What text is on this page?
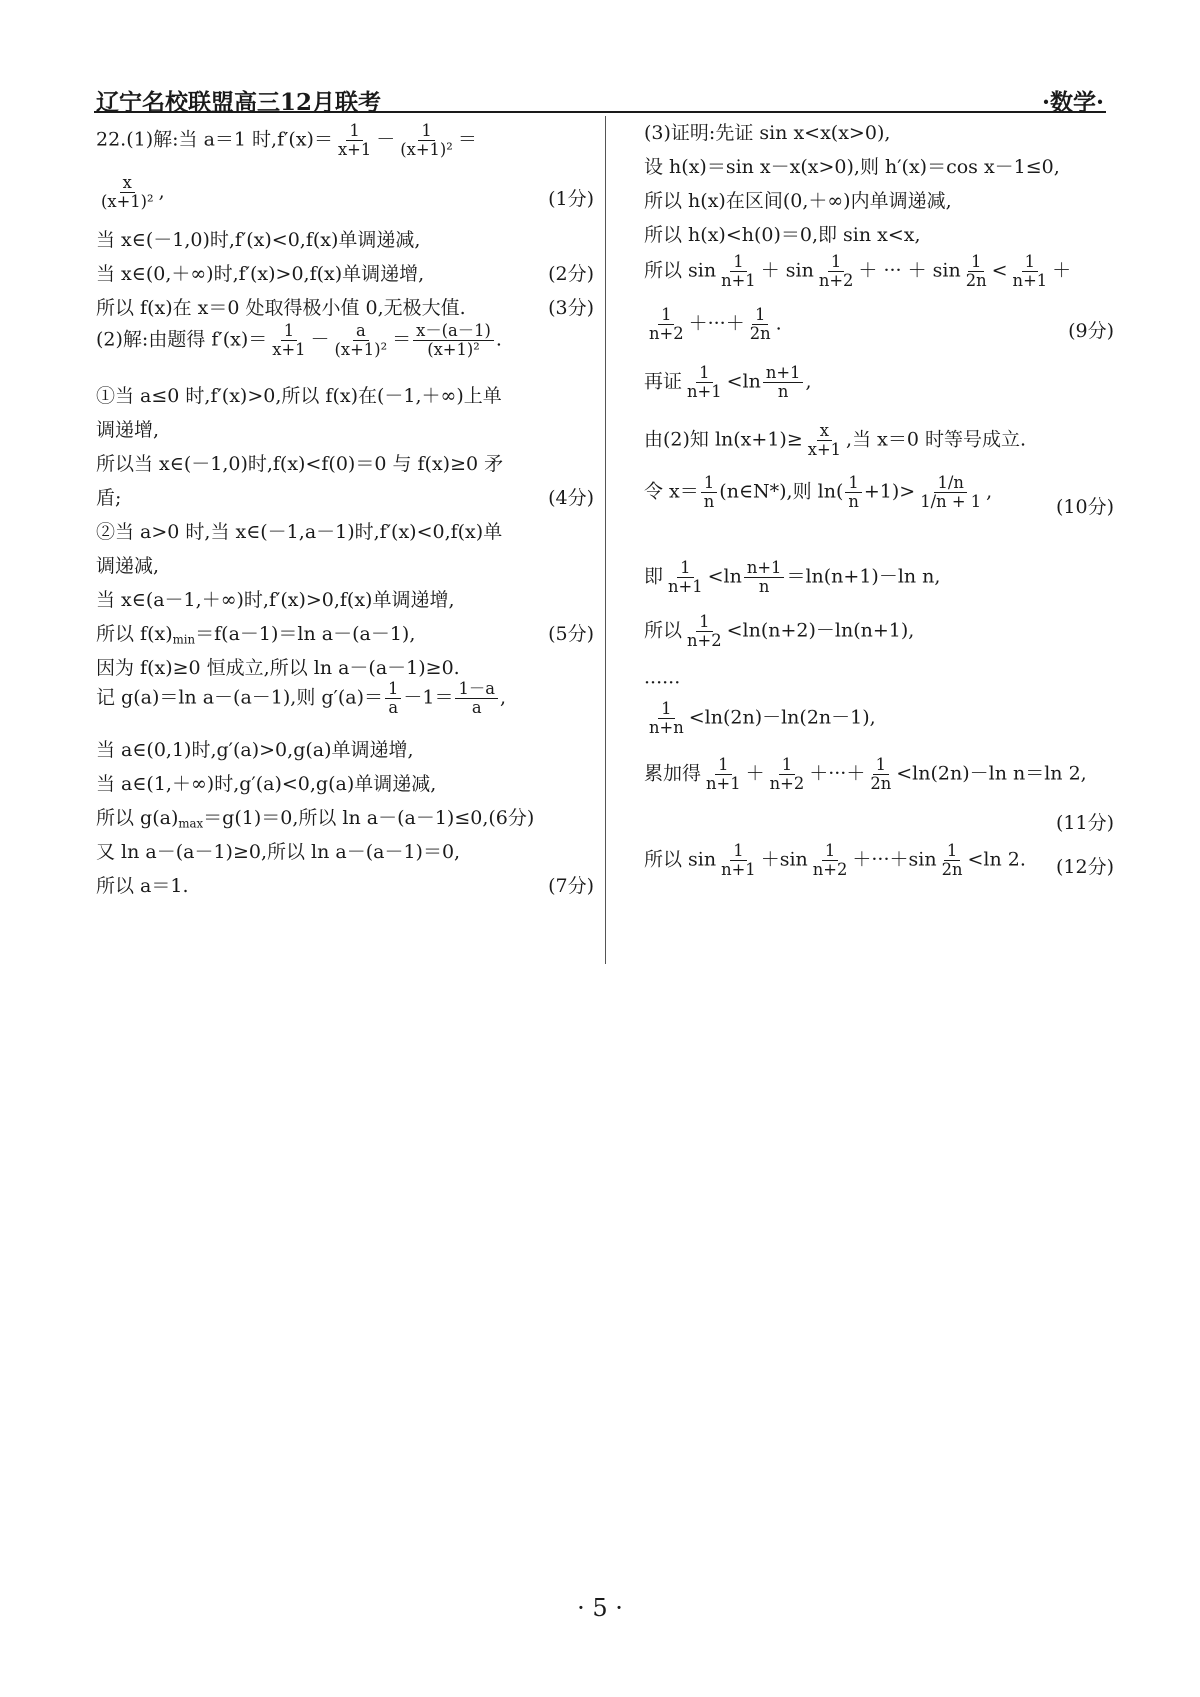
辽宁名校联盟高三12月联考	·数学·
22.(1)解:当 a＝1 时$,f'(x)= \frac{1}{x+1} - \frac{1}{\text{(x+1)²}}$ ＝
$\frac{x}{\text{(x+1)²}}$ ,	(1分)
当 x∈(－1,0)时,f′(x)<0,f(x)单调递减,
当 x∈(0,＋∞)时,f′(x)>0,f(x)单调递增,	(2分)
所以 f(x)在 x＝0 处取得极小值 0,无极大值.	(3分)
(2)解:由题得 $f'(x)= \frac{1}{x+1} - \frac{a}{\text{(x+1)²}} = \frac{x-(a-1)}{\text{(x+1)²}}$ .
①当 a≤0 时,f′(x)>0,所以 f(x)在(－1,＋∞)上单
调递增,
所以当 x∈(－1,0)时,f(x)<f(0)＝0 与 f(x)≥0 矛
盾;	(4分)
②当 a>0 时,当 x∈(－1,a－1)时,f′(x)<0,f(x)单
调递减,
当 x∈(a－1,＋∞)时,f′(x)>0,f(x)单调递增,
所以 $f(x)_{min}=f(a-1)=\ln$ a－(a－1),	(5分)
因为 f(x)≥0 恒成立,所以 ln a－(a－1)≥0.
记 g(a)＝ln a－(a－1),则 $g'(a)= \frac{1}{a} -1= \frac{1-a}{a}$ ,
当 a∈(0,1)时,g′(a)>0,g(a)单调递增,
当 a∈(1,＋∞)时,g′(a)<0,g(a)单调递减,
所以 $g(a)_{max}=g(1)=0$,所以 ln a－(a－1)≤0,(6分)
又 ln a－(a－1)≥0,所以 ln a－(a－1)＝0,
所以 a＝1.	(7分)
(3)证明:先证 sin x<x(x>0),
设 h(x)＝sin x－x(x>0),则 h′(x)＝cos x－1≤0,
所以 h(x)在区间(0,＋∞)内单调递减,
所以 h(x)<h(0)＝0,即 sin x<x,
所以 $\sin \frac{1}{n+1} + \sin \frac{1}{n+2}$ ＋ ··· ＋ $\sin \frac{1}{2n} < \frac{1}{n+1}$ ＋
$\frac{1}{n+2}$ ＋···＋ $\frac{1}{2n}$ .	(9分)
再证 $\frac{1}{n+1} <\ln \frac{n+1}{n}$ ,
由(2)知 $\ln(x+1)\ge \frac{x}{x+1}$ ,当 x＝0 时等号成立.
令 $x= \frac{1}{n}$ (n∈N*),则 $\ln( \frac{1}{n} +1)> \frac{1/n}{1/n + 1}$ ,
(10分)
即 $\frac{1}{n+1} <\ln \frac{n+1}{n} =\ln(n+1)-\ln$ n,
所以 $\frac{1}{n+2} <\ln(n+2)-\ln(n+1)$,
······
$\frac{1}{n+n} <\ln(2n)-\ln(2n-1)$,
累加得 $\frac{1}{n+1} + \frac{1}{n+2}$ ＋···＋ $\frac{1}{2n} <\ln(2n)-\ln$ n＝ln 2,
(11分)
所以 $\sin \frac{1}{n+1} +\sin \frac{1}{n+2} +\cdot\cdot\cdot+\sin \frac{1}{2n} <\ln$ 2. (12分)
· 5 ·
